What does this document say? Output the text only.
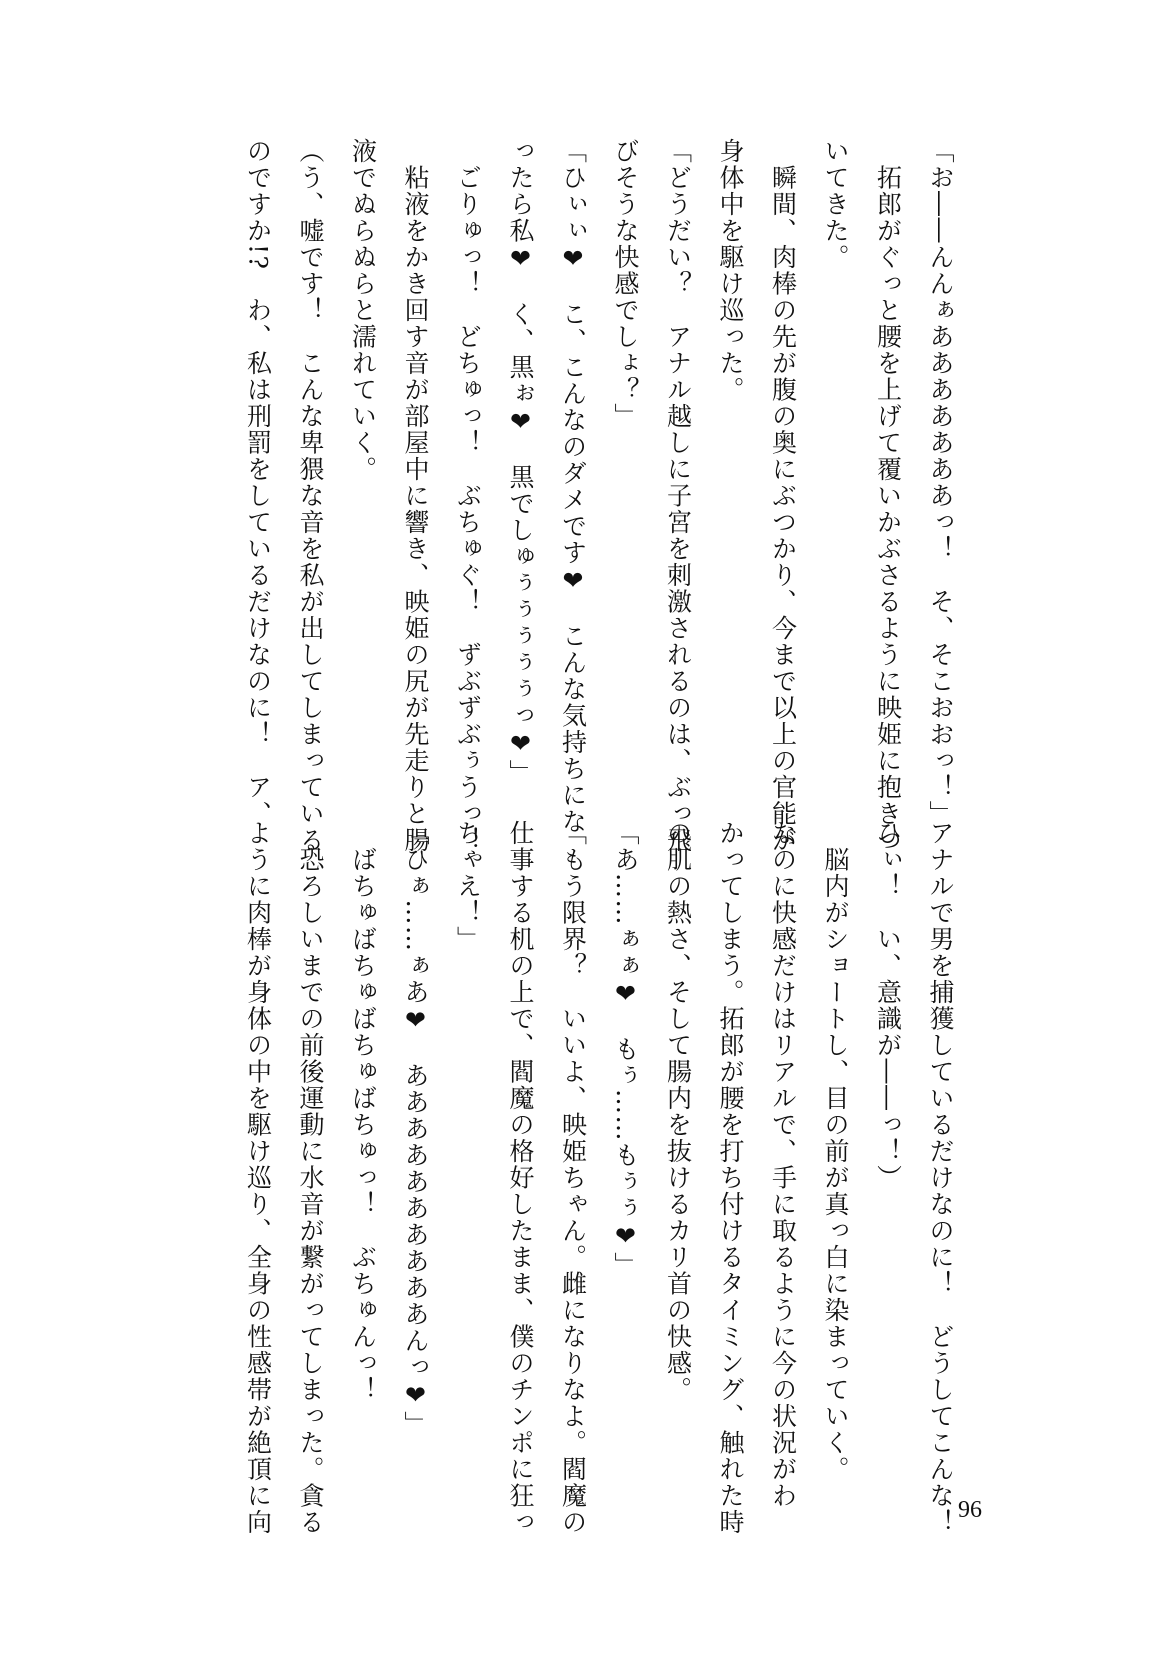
「お――んんぁあああああああっ！　そ、そこおおっ！」
　拓郎がぐっと腰を上げて覆いかぶさるように映姫に抱きつ
いてきた。
　瞬間、肉棒の先が腹の奥にぶつかり、今まで以上の官能が
身体中を駆け巡った。
「どうだい？　アナル越しに子宮を刺激されるのは、ぶっ飛
びそうな快感でしょ？」
「ひぃぃ❤　こ、こんなのダメです❤　こんな気持ちにな
ったら私❤　く、黒ぉ❤　黒でしゅぅぅぅぅぅっ❤」
　ごりゅっ！　どちゅっ！　ぶちゅぐ！　ずぶずぶぅうっ！
　粘液をかき回す音が部屋中に響き、映姫の尻が先走りと腸
液でぬらぬらと濡れていく。
（う、嘘です！　こんな卑猥な音を私が出してしまっている
のですか!?　わ、私は刑罰をしているだけなのに！　ア、
アナルで男を捕獲しているだけなのに！　どうしてこんな！
ひぃ！　い、意識が――っ！）
　脳内がショートし、目の前が真っ白に染まっていく。
なのに快感だけはリアルで、手に取るように今の状況がわ
かってしまう。拓郎が腰を打ち付けるタイミング、触れた時
の肌の熱さ、そして腸内を抜けるカリ首の快感。
「あ……ぁぁ❤　もぅ……もぅぅ❤」
「もう限界？　いいよ、映姫ちゃん。雌になりなよ。閻魔の
仕事する机の上で、閻魔の格好したまま、僕のチンポに狂っ
ちゃえ！」
「ひぁ……ぁあ❤　ああああああああああんっ❤」
　ばちゅばちゅばちゅばちゅっ！　ぶちゅんっ！
　恐ろしいまでの前後運動に水音が繋がってしまった。貪る
ように肉棒が身体の中を駆け巡り、全身の性感帯が絶頂に向	96
